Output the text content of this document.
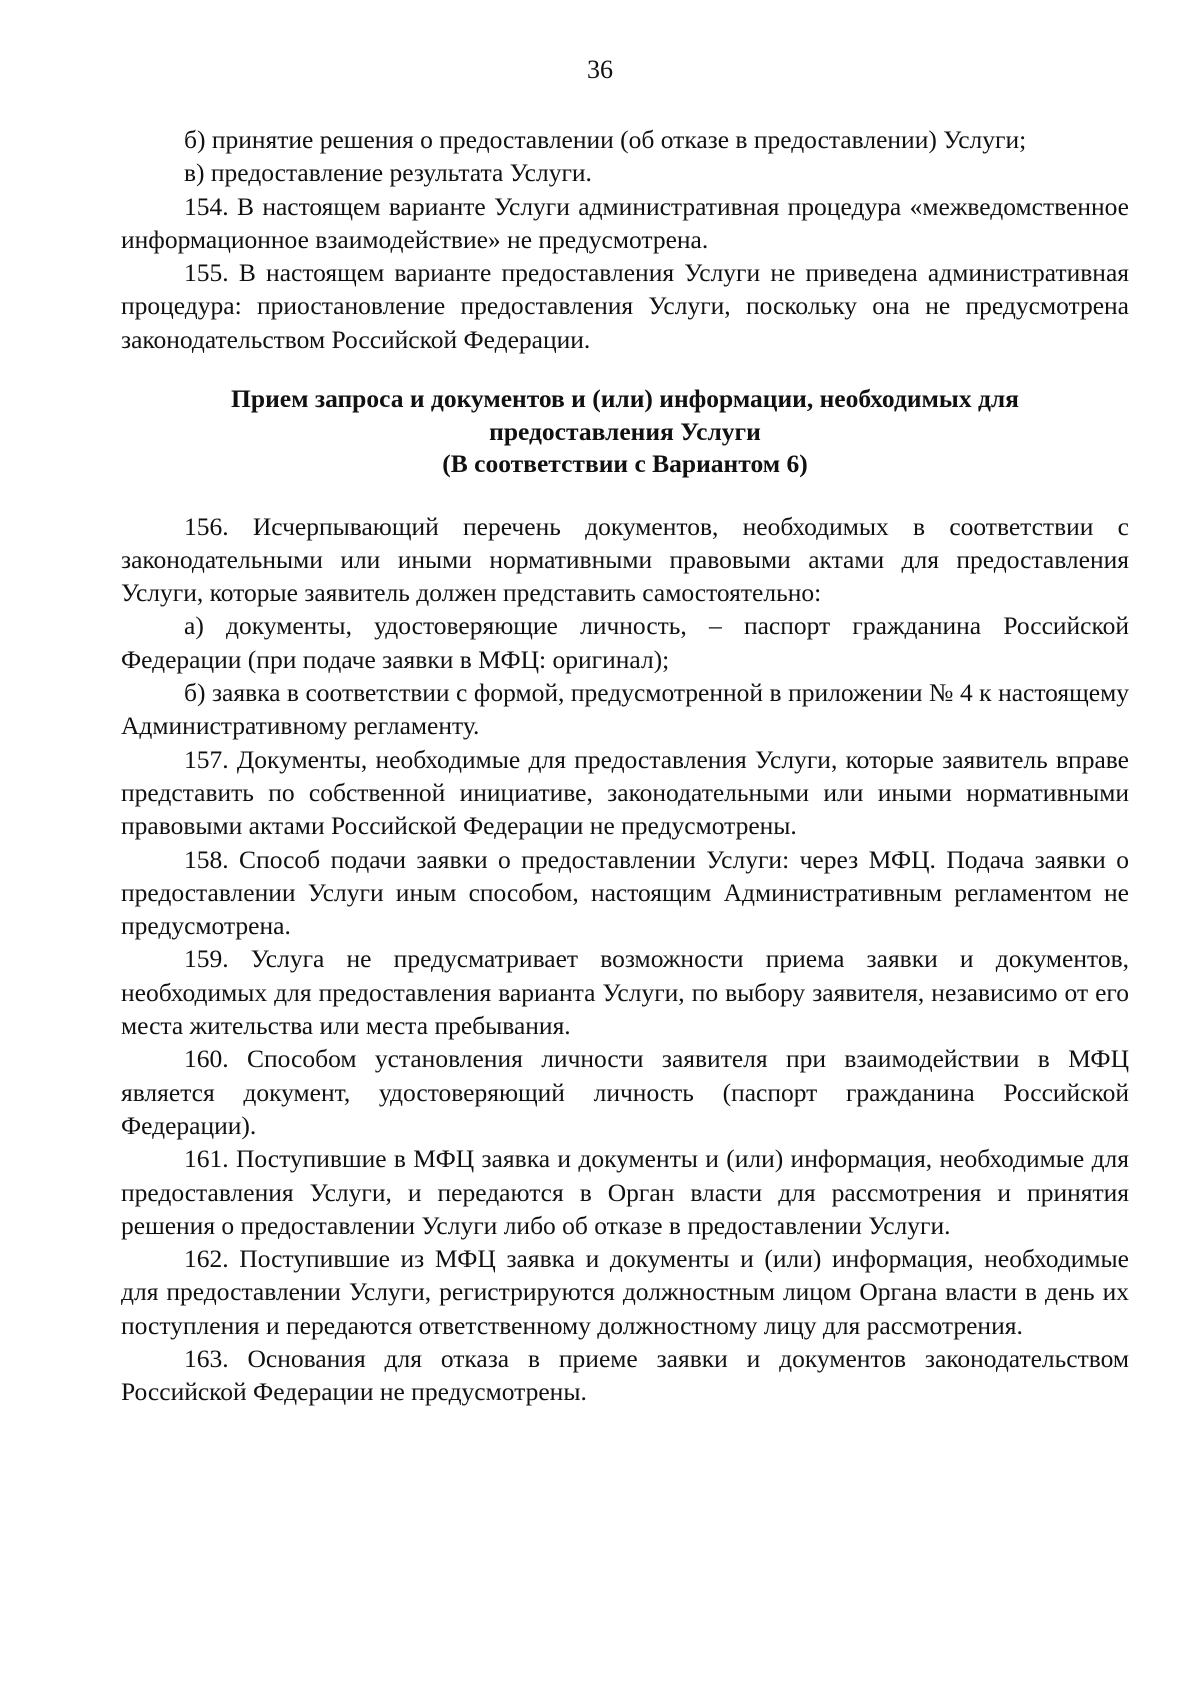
36

б) принятие решения о предоставлении (об отказе в предоставлении) Услуги;

в) предоставление результата Услуги.

154. В настоящем варианте Услуги административная процедура «межведомственное информационное взаимодействие» не предусмотрена.

155. В настоящем варианте предоставления Услуги не приведена административная процедура: приостановление предоставления Услуги, поскольку она не предусмотрена законодательством Российской Федерации.

Прием запроса и документов и (или) информации, необходимых для
предоставления Услуги
(В соответствии с Вариантом 6)

156. Исчерпывающий перечень документов, необходимых в соответствии с законодательными или иными нормативными правовыми актами для предоставления Услуги, которые заявитель должен представить самостоятельно:

а) документы, удостоверяющие личность, – паспорт гражданина Российской Федерации (при подаче заявки в МФЦ: оригинал);

б) заявка в соответствии с формой, предусмотренной в приложении № 4 к настоящему Административному регламенту.

157. Документы, необходимые для предоставления Услуги, которые заявитель вправе представить по собственной инициативе, законодательными или иными нормативными правовыми актами Российской Федерации не предусмотрены.

158. Способ подачи заявки о предоставлении Услуги: через МФЦ. Подача заявки о предоставлении Услуги иным способом, настоящим Административным регламентом не предусмотрена.

159. Услуга не предусматривает возможности приема заявки и документов, необходимых для предоставления варианта Услуги, по выбору заявителя, независимо от его места жительства или места пребывания.

160. Способом установления личности заявителя при взаимодействии в МФЦ является документ, удостоверяющий личность (паспорт гражданина Российской Федерации).

161. Поступившие в МФЦ заявка и документы и (или) информация, необходимые для предоставления Услуги, и передаются в Орган власти для рассмотрения и принятия решения о предоставлении Услуги либо об отказе в предоставлении Услуги.

162. Поступившие из МФЦ заявка и документы и (или) информация, необходимые для предоставлении Услуги, регистрируются должностным лицом Органа власти в день их поступления и передаются ответственному должностному лицу для рассмотрения.

163. Основания для отказа в приеме заявки и документов законодательством Российской Федерации не предусмотрены.
